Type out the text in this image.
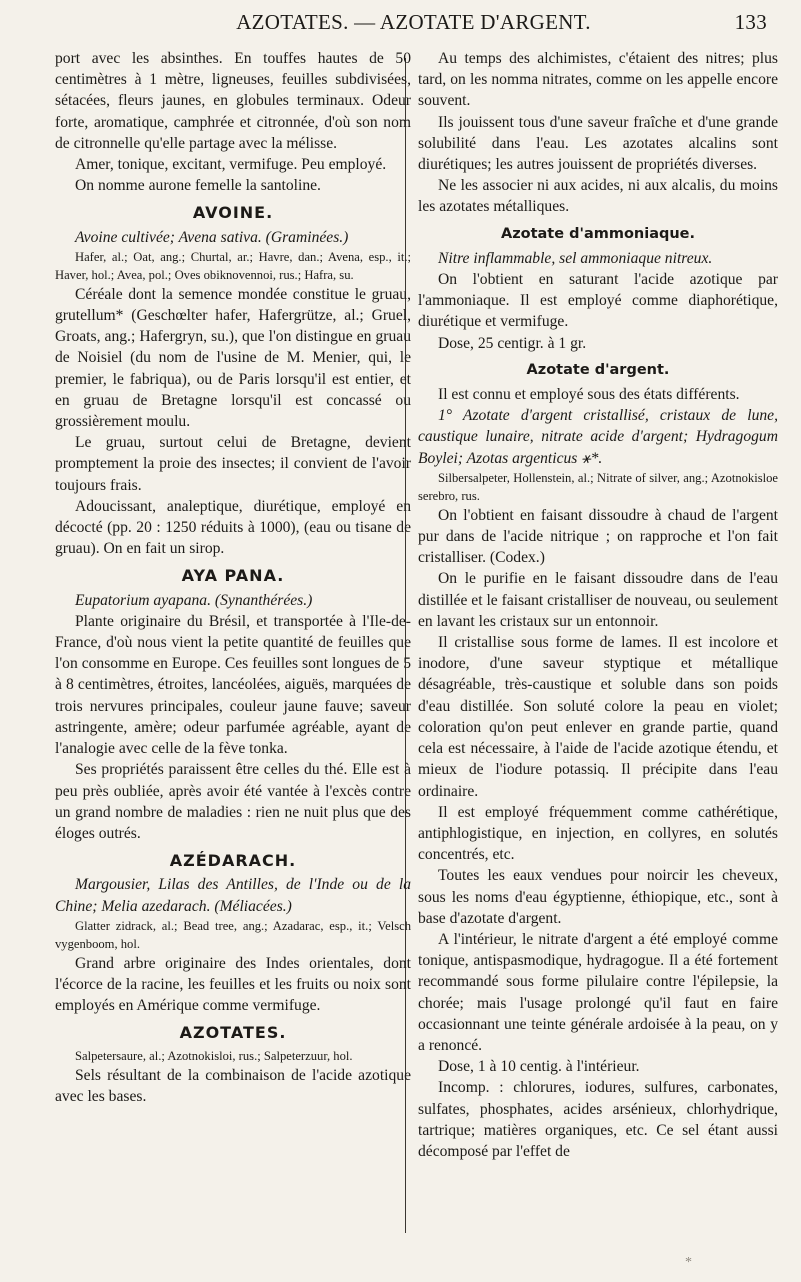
AZOTATES. — AZOTATE D'ARGENT.	133

port avec les absinthes. En touffes hautes de 50 centimètres à 1 mètre, ligneuses, feuilles subdivisées, sétacées, fleurs jaunes, en globules terminaux. Odeur forte, aromatique, camphrée et citronnée, d'où son nom de citronnelle qu'elle partage avec la mélisse.

Amer, tonique, excitant, vermifuge. Peu employé.

On nomme aurone femelle la santoline.

AVOINE.

Avoine cultivée; Avena sativa. (Graminées.)

Hafer, al.; Oat, ang.; Churtal, ar.; Havre, dan.; Avena, esp., it.; Haver, hol.; Avea, pol.; Oves obiknovennoi, rus.; Hafra, su.

Céréale dont la semence mondée constitue le gruau, grutellum* (Geschœlter hafer, Hafergrütze, al.; Gruel, Groats, ang.; Hafergryn, su.), que l'on distingue en gruau de Noisiel (du nom de l'usine de M. Menier, qui, le premier, le fabriqua), ou de Paris lorsqu'il est entier, et en gruau de Bretagne lorsqu'il est concassé ou grossièrement moulu.

Le gruau, surtout celui de Bretagne, devient promptement la proie des insectes; il convient de l'avoir toujours frais.

Adoucissant, analeptique, diurétique, employé en décocté (pp. 20 : 1250 réduits à 1000), (eau ou tisane de gruau). On en fait un sirop.

AYA PANA.

Eupatorium ayapana. (Synanthérées.)

Plante originaire du Brésil, et transportée à l'Ile-de-France, d'où nous vient la petite quantité de feuilles que l'on consomme en Europe. Ces feuilles sont longues de 5 à 8 centimètres, étroites, lancéolées, aiguës, marquées de trois nervures principales, couleur jaune fauve; saveur astringente, amère; odeur parfumée agréable, ayant de l'analogie avec celle de la fève tonka.

Ses propriétés paraissent être celles du thé. Elle est à peu près oubliée, après avoir été vantée à l'excès contre un grand nombre de maladies : rien ne nuit plus que des éloges outrés.

AZÉDARACH.

Margousier, Lilas des Antilles, de l'Inde ou de la Chine; Melia azedarach. (Méliacées.)

Glatter zidrack, al.; Bead tree, ang.; Azadarac, esp., it.; Velsch vygenboom, hol.

Grand arbre originaire des Indes orientales, dont l'écorce de la racine, les feuilles et les fruits ou noix sont employés en Amérique comme vermifuge.

AZOTATES.

Salpetersaure, al.; Azotnokisloi, rus.; Salpeterzuur, hol.

Sels résultant de la combinaison de l'acide azotique avec les bases.

Au temps des alchimistes, c'étaient des nitres; plus tard, on les nomma nitrates, comme on les appelle encore souvent.

Ils jouissent tous d'une saveur fraîche et d'une grande solubilité dans l'eau. Les azotates alcalins sont diurétiques; les autres jouissent de propriétés diverses.

Ne les associer ni aux acides, ni aux alcalis, du moins les azotates métalliques.

Azotate d'ammoniaque.

Nitre inflammable, sel ammoniaque nitreux.

On l'obtient en saturant l'acide azotique par l'ammoniaque. Il est employé comme diaphorétique, diurétique et vermifuge.

Dose, 25 centigr. à 1 gr.

Azotate d'argent.

Il est connu et employé sous des états différents.

1° Azotate d'argent cristallisé, cristaux de lune, caustique lunaire, nitrate acide d'argent; Hydragogum Boylei; Azotas argenticus ⚹*.

Silbersalpeter, Hollenstein, al.; Nitrate of silver, ang.; Azotnokisloe serebro, rus.

On l'obtient en faisant dissoudre à chaud de l'argent pur dans de l'acide nitrique ; on rapproche et l'on fait cristalliser. (Codex.)

On le purifie en le faisant dissoudre dans de l'eau distillée et le faisant cristalliser de nouveau, ou seulement en lavant les cristaux sur un entonnoir.

Il cristallise sous forme de lames. Il est incolore et inodore, d'une saveur styptique et métallique désagréable, très-caustique et soluble dans son poids d'eau distillée. Son soluté colore la peau en violet; coloration qu'on peut enlever en grande partie, quand cela est nécessaire, à l'aide de l'acide azotique étendu, et mieux de l'iodure potassiq. Il précipite dans l'eau ordinaire.

Il est employé fréquemment comme cathérétique, antiphlogistique, en injection, en collyres, en solutés concentrés, etc.

Toutes les eaux vendues pour noircir les cheveux, sous les noms d'eau égyptienne, éthiopique, etc., sont à base d'azotate d'argent.

A l'intérieur, le nitrate d'argent a été employé comme tonique, antispasmodique, hydragogue. Il a été fortement recommandé sous forme pilulaire contre l'épilepsie, la chorée; mais l'usage prolongé qu'il faut en faire occasionnant une teinte générale ardoisée à la peau, on y a renoncé.

Dose, 1 à 10 centig. à l'intérieur.

Incomp. : chlorures, iodures, sulfures, carbonates, sulfates, phosphates, acides arsénieux, chlorhydrique, tartrique; matières organiques, etc. Ce sel étant aussi décomposé par l'effet de

*
